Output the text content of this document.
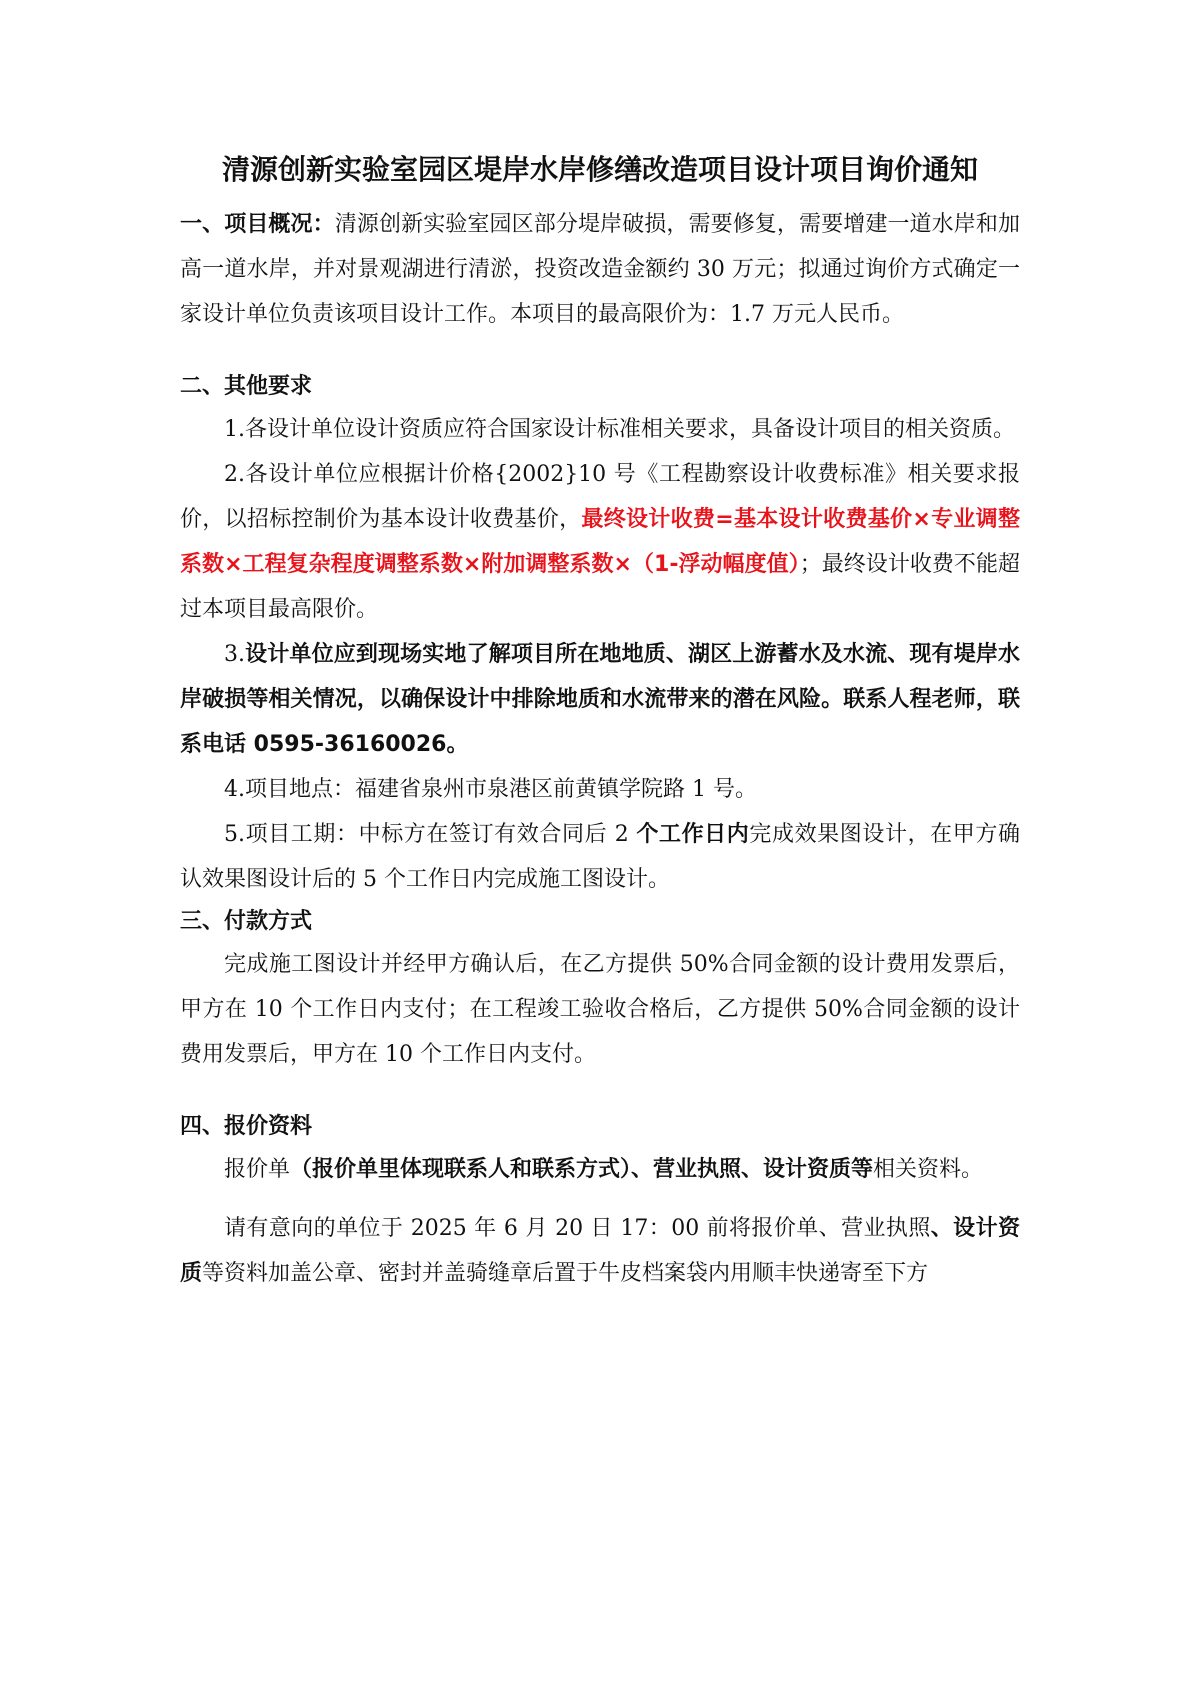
清源创新实验室园区堤岸水岸修缮改造项目设计项目询价通知

一、项目概况：清源创新实验室园区部分堤岸破损，需要修复，需要增建一道水岸和加高一道水岸，并对景观湖进行清淤，投资改造金额约 30 万元；拟通过询价方式确定一家设计单位负责该项目设计工作。本项目的最高限价为：1.7 万元人民币。

二、其他要求

1.各设计单位设计资质应符合国家设计标准相关要求，具备设计项目的相关资质。

2.各设计单位应根据计价格{2002}10 号《工程勘察设计收费标准》相关要求报价，以招标控制价为基本设计收费基价，最终设计收费=基本设计收费基价×专业调整系数×工程复杂程度调整系数×附加调整系数×（1-浮动幅度值）；最终设计收费不能超过本项目最高限价。

3.设计单位应到现场实地了解项目所在地地质、湖区上游蓄水及水流、现有堤岸水岸破损等相关情况，以确保设计中排除地质和水流带来的潜在风险。联系人程老师，联系电话 0595-36160026。

4.项目地点：福建省泉州市泉港区前黄镇学院路 1 号。

5.项目工期：中标方在签订有效合同后 2 个工作日内完成效果图设计，在甲方确认效果图设计后的 5 个工作日内完成施工图设计。

三、付款方式

完成施工图设计并经甲方确认后，在乙方提供 50%合同金额的设计费用发票后，甲方在 10 个工作日内支付；在工程竣工验收合格后，乙方提供 50%合同金额的设计费用发票后，甲方在 10 个工作日内支付。

四、报价资料

报价单（报价单里体现联系人和联系方式）、营业执照、设计资质等相关资料。

请有意向的单位于 2025 年 6 月 20 日 17：00 前将报价单、营业执照、设计资质等资料加盖公章、密封并盖骑缝章后置于牛皮档案袋内用顺丰快递寄至下方
